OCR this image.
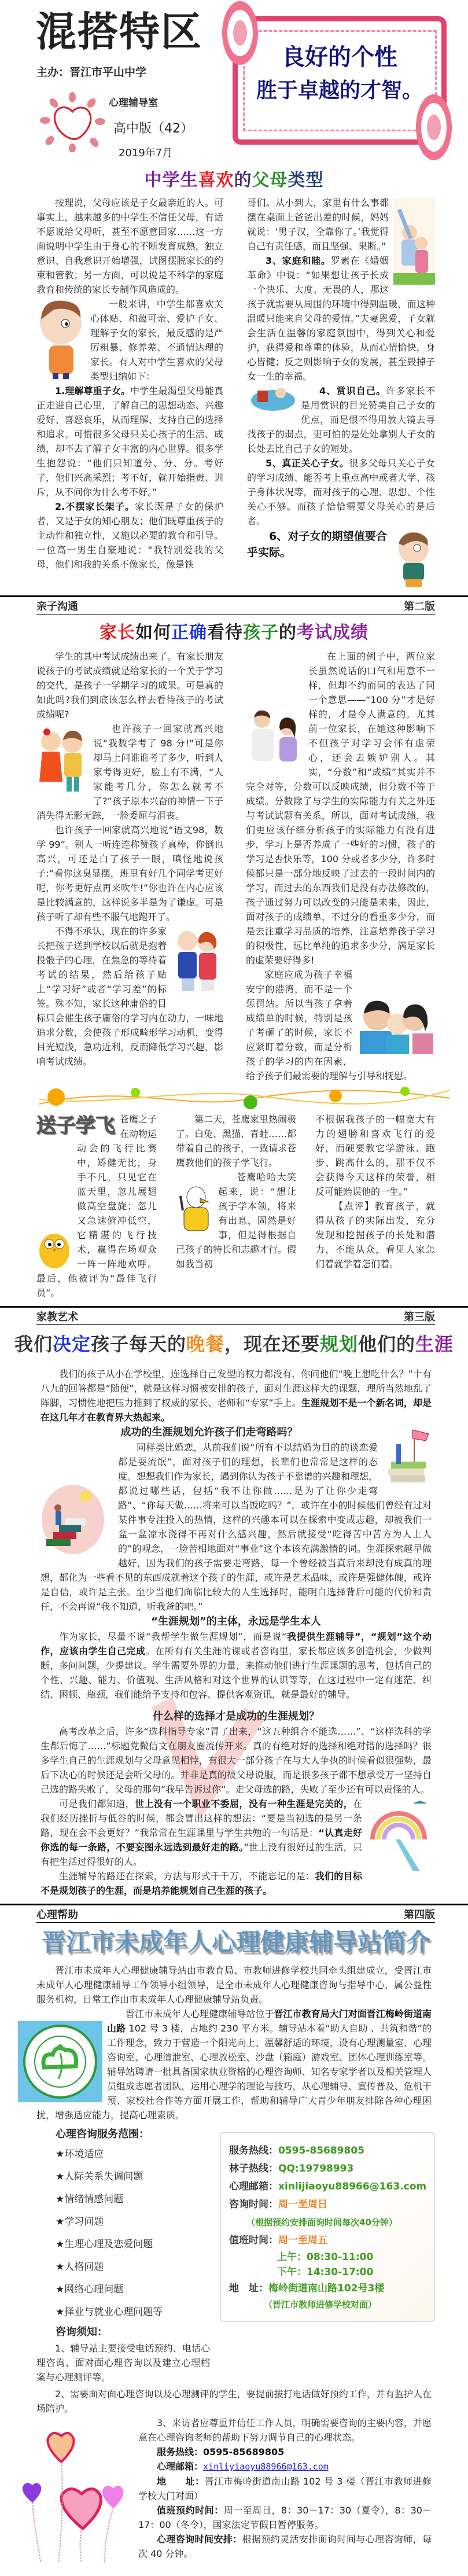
混搭特区
主办：晋江市平山中学
心理辅导室
高中版（42）
2019年7月
良好的个性
胜于卓越的才智。
中学生喜欢的父母类型

按理说，父母应该是子女最亲近的人。可事实上，越来越多的中学生不信任父母，有话不愿说给父母听，甚至不愿意回家……这一方面说明中学生由于身心的不断发育成熟，独立意识、自我意识开始增强，试图摆脱家长的约束和管教；另一方面，可以说是不科学的家庭教育和传统的家长专制作风造成的。

一般来讲，中学生都喜欢关心体贴、和蔼可亲、爱护子女、理解子女的家长，最反感的是严厉粗暴、修养差、不通情达理的家长。有人对中学生喜欢的父母类型归纳如下：

1.理解尊重子女。中学生最渴望父母能真正走进自己心里，了解自己的思想动态、兴趣爱好、喜怒哀乐，从而理解、支持自己的选择和追求。可惜很多父母只关心孩子的生活、成绩，却不去了解子女丰富的内心世界。很多学生抱怨说：“他们只知道分、分、分。考好了，他们兴高采烈；考不好，就开始指责、训斥，从不问你为什么考不好。”

2.不摆家长架子。家长既是子女的保护者，又是子女的知心朋友；他们既尊重孩子的主动性和独立性，又施以必要的教育和引导。一位高一男生自豪地说：“我特别爱我的父母，他们和我的关系不像家长，像是铁

哥们。从小到大，家里有什么事都摆在桌面上爸爸出差的时候，妈妈就说：‘男子汉，全靠你了。’我觉得自己有责任感，而且坚强、果断。”

3、家庭和睦。罗素在《婚姻革命》中说：“如果想让孩子长成一个快乐、大度、无畏的人，那这孩子就需要从周围的环境中得到温暖，而这种温暖只能来自父母的爱情。”夫妻恩爱，子女就会生活在温馨的家庭氛围中，得到关心和爱护，获得爱和尊重的体验，从而心情愉快，身心皆健；反之则影响子女的发展，甚至毁掉子女一生的幸福。

4、赏识自己。许多家长不是用赏识的目光赞美自己子女的优点，而是恨不得用放大镜去寻找孩子的弱点，更可怕的是处处拿别人子女的长处去比自己子女的短处。

5、真正关心子女。很多父母只关心子女的学习成绩、能否考上重点高中或者大学、孩子身体状况等，而对孩子的心理、思想、个性关心不够。而孩子恰恰需要父母关心的是后者。

6、对子女的期望值要合乎实际。

亲子沟通	第二版
家长如何正确看待孩子的考试成绩

学生的其中考试成绩出来了。有家长朋友说孩子的考试成绩就是给家长的一个关于学习的交代，是孩子一学期学习的成果。可是真的如此吗?我们到底该怎么样去看待孩子的考试成绩呢?

也许孩子一回家就高兴地说“我数学考了 98 分!”可是你却马上问谁谁考了多少，听到人家考得更好，脸上有不满，“人家能考几分，你怎么就考不了?”孩子原本兴奋的神情一下子消失得无影无踪，一脸委屈与沮丧。

也许孩子一回家就高兴地说“语文98，数学 99”。别人一听连连称赞孩子真棒，你倒也高兴，可还是白了孩子一眼，嗔怪地说孩子:“看你这臭显摆，班里有好几个同学考更好呢，你考更好点再来吹牛!”你也许在内心应该是比较满意的，这样说多半是为了谦虚。可是孩子听了却有些不服气地跑开了。

不得不承认，现在的许多家长把孩子送到学校以后就是抱着投骰子的心理，在焦急的等待着考试的结果，然后给孩子贴上“学习好”或者“学习差”的标签。殊不知，家长这种庸俗的目标只会催生孩子庸俗的学习内在动力，一味地追求分数，会使孩子形成畸形学习动机，变得目光短浅，急功近利，反而降低学习兴趣，影响考试成绩。

在上面的例子中，两位家长虽然说话的口气和用意不一样，但却不约而同的表达了同一个意思——“100 分”才是好样的，才是令人满意的。尤其前一位家长，在她这种影响下不但孩子对学习会怀有虚荣心，还会去嫉妒别人。其实，“分数”和“成绩”其实并不完全对等，分数可以反映成绩，但分数不等于成绩。分数除了与学生的实际能力有关之外还与考试试题有关系，所以，面对考试成绩，我们更应该仔细分析孩子的实际能力有没有进步，学习上是否养成了一些好的习惯，孩子的学习是否快乐等，100 分或者多少分，许多时候都只是一部分地反映了过去的一段时间内的学习，而过去的东西我们是没有办法修改的，孩子通过努力可以改变的只能是未来，因此，面对孩子的成绩单，不过分的看重多少分，而是去注重学习品质的培养，注意培养孩子学习的积极性，远比单纯的追求多少分，满足家长的虚荣要好得多!

家庭应成为孩子幸福安宁的港湾，而不是一个惩罚站。所以当孩子拿着成绩单的时候，特别是孩子考砸了的时候，家长不应紧盯着分数，而是分析孩子的学习的内在因素，给予孩子们最需要的理解与引导和抚慰。

送子学飞 苍鹰之子在动物运动会的飞行比赛中，矫健无比，身手不凡。只见它在蓝天里，忽儿展翅做高空盘旋；忽儿又急速俯冲低空，它精湛的飞行技术，赢得在场观众一阵一阵地欢呼。最后，他被评为“最佳飞行员”。

第二天，苍鹰家里热闹极了。白兔、黑猫、青蛙……都带着自己的孩子，一致请求苍鹰教他们的孩子学飞行。

苍鹰哈哈大笑起来，说：“想让孩子学本领，将来有出息，固然是好事，但是得根据自己孩子的特长和志趣才行。假如我当初

不根据我孩子的一幅宽大有力的翅膀和喜欢飞行的爱好，而硬要教它学游泳、跑步、跳高什么的，那不仅不会获得今天这样的荣誉，相反可能贻误他的一生。”

【点评】教育孩子，就得从孩子的实际出发，充分发现和挖掘孩子的长处和潜力，不能从众，看见人家怎们着就学着怎们着。

家教艺术	第三版
我们决定孩子每天的晚餐，现在还要规划他们的生涯

我们的孩子从小在学校里，连选择自己发型的权力都没有，你问他们“晚上想吃什么？”十有八九的回答都是“随便”，就是这样习惯被安排的孩子，面对生涯这样大的课题，理所当然地乱了阵脚，习惯性地把压力推到了权威的家长、老师和“专家”手上。生涯规划不是一个新名词，却是在这几年才在教育界大热起来。

成功的生涯规划允许孩子们走弯路吗？

同样类比婚恋，从前我们说“所有不以结婚为目的的谈恋爱都是耍流氓”，面对孩子们的理想，长辈们也常常是这样的态度。想想我们作为家长，遇到你认为孩子不靠谱的兴趣和理想，都说过哪些话，包括“我不让你做……是为了让你少走弯路”、“你每天做……将来可以当饭吃吗？”，或许在小的时候他们曾经有过对某件事专注投入的热情，这样的兴趣本可以在探索中变成志趣，却被我们一盆一盆凉水浇得不再对什么感兴趣，然后就接受“吃得苦中苦方为人上人的”的观念，一脸苦相地面对“事业”这个本该充满激情的词。生涯探索越早做越好，因为我们的孩子需要走弯路，每一个曾经被当真后来却没有成真的理想，都化为一些看不见的东西成就着这个孩子的生涯，或许是艺术品味，或许是强健体魄，或许是自信，或许是主张。至少当他们面临比较大的人生选择时，能明白选择背后可能的代价和责任，不会再说“我不知道，听我爸的吧。”

“生涯规划”的主体，永远是学生本人

作为家长，尽量不说“我帮学生做生涯规划”，而是说“我提供生涯辅导”，“规划”这个动作，应该由学生自己完成。在所有有关生涯的课或者咨询里，家长都应该多创造机会，少做判断，多问问题，少提建议。学生需要外界的力量，来推动他们进行生涯课题的思考，包括自己的个性、兴趣、能力、价值观、生活风格和对这个世界的认识等等，在这过程中一定有迷茫、纠结、困顿、瓶颈，我们能给予支持和包容、提供客观资讯，就是最好的辅导。

什么样的选择才是成功的生涯规划？

高考改革之后，许多“选科指导专家”冒了出来，“这五种组合不能选……”、“这样选科的学生都后悔了……”标题党微信文在朋友圈流传开来。真的有绝对好的选择和绝对错的选择吗？很多学生自己的生涯规划与父母意见相悖，有很大一部分孩子在与大人争执的时候看似很强势，最后下决心的时候还是会听父母的。并非是真的被父母说服，而是很多孩子都不想承受万一坚持自己选的路失败了，父母的那句“我早告诉过你”。走父母选的路，失败了至少还有可以责怪的人。

可是我们都知道，世上没有一个职业不委屈，没有一种生涯是完美的，在我们经历挫折与低谷的时候，都会冒出这样的想法：“要是当初选的是另一条路，现在会不会更好？”我常常在生涯课里与学生共勉的一句话是：“认真走好你选的每一条路，不要妄图永远选到最好走的路。”世上没有很好过的生活，只有把生活过得很好的人。

生涯辅导的路还在探索，方法与形式千千万，不能忘记的是：我们的目标不是规划孩子的生涯，而是培养能规划自己生涯的孩子。

心理帮助	第四版
晋江市未成年人心理健康辅导站简介

晋江市未成年人心理健康辅导站由市教育局、市教师进修学校共同牵头组建成立，受晋江市未成年人心理健康辅导工作领导小组领导，是全市未成年人心理健康咨询与指导中心，属公益性服务机构，日常工作由市未成年人心理健康辅导站负责。

晋江市未成年人心理健康辅导站位于晋江市教育局大门对面晋江梅岭街道南山路 102 号 3 楼，占地约 230 平方米。辅导站本着“助人自助 、共筑和谐”的工作理念，致力于营造一个阳光向上、温馨舒适的环境，设有心理测量室、心理咨询室、心理渲泄室、心理放松室、沙盘（箱庭）游戏室、团体心理训练室等。辅导站聘请一批具备国家执业资格的心理咨询师、知名专家学者以及相关管理人员组成志愿者团队，运用心理学的理论与技巧，从心理辅导、宣传普及、危机干预、家校社合作等方面开展工作，帮助和辅导广大青少年朋友排除各种心理困扰，增强适应能力，提高心理素质。

心理咨询服务范围：
★环境适应
★人际关系失调问题
★情绪情感问题
★学习问题
★生理心理及恋爱问题
★人格问题
★网络心理问题
★择业与就业心理问题等
咨询须知：

1、辅导站主要接受电话预约、电话心理咨询、面对面心理咨询以及建立心理档案与心理测评等。

服务热线：0595-85689805
林子热线：QQ:19798993
心理邮箱：xinlijiaoyu88966@163.com
咨询时间：周一至周日
（根据预约安排面询时间每次40分钟）
值班时间：周一至周五
上午：08:30-11:00
下午：14:30-17:00
地　址：梅岭街道南山路102号3楼
（晋江市教师进修学校对面）

2、需要面对面心理咨询以及心理测评的学生，要提前拔打电话做好预约工作，并有监护人在场陪护。

3、来访者应尊重并信任工作人员，明确需要咨询的主要内容，并愿意在心理咨询老师的帮助下努力调节自己的心理状态。

服务热线：0595-85689805

心理邮箱：xinliyiaoyu88966@163.com

地　　址：晋江市梅岭街道南山路 102 号 3 楼（晋江市教师进修学校大门对面）

值班预约时间：周一至周日，8：30－17：30（夏令），8：30－17：00（冬令），国家法定节假日暂停服务。

心理咨询时间安排：根据预约灵活安排面询时间与心理咨询师，每次 40 分钟。
